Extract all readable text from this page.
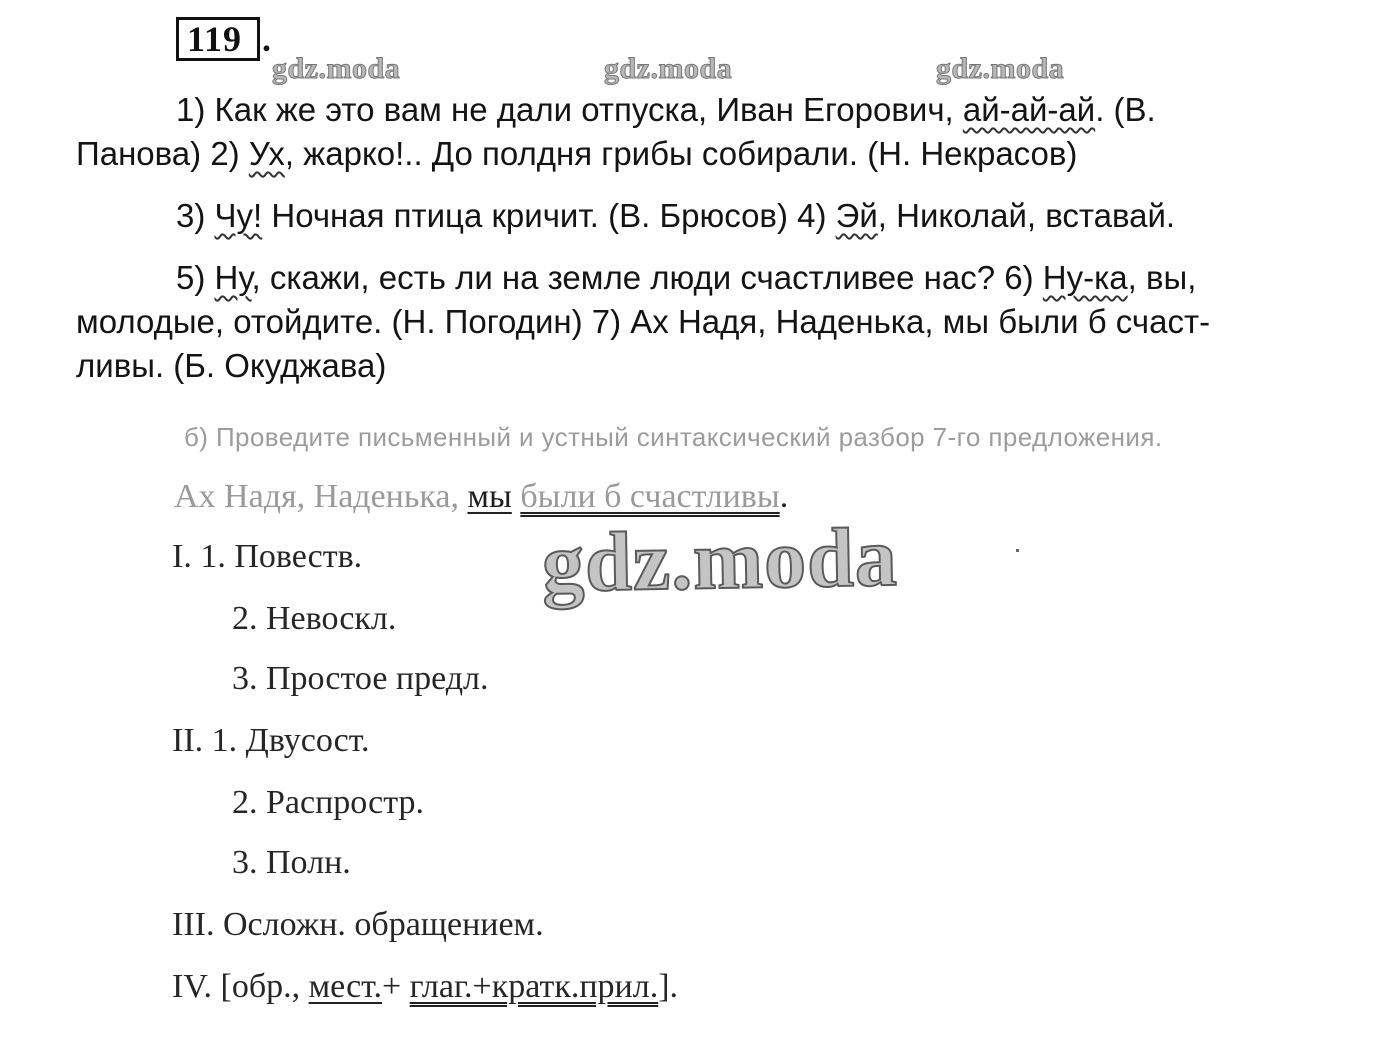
119 .
gdz.moda	gdz.moda	gdz.moda
1) Как же это вам не дали отпуска, Иван Егорович, ай-ай-ай. (В.
Панова) 2) Ух, жарко!.. До полдня грибы собирали. (Н. Некрасов)
3) Чу! Ночная птица кричит. (В. Брюсов) 4) Эй, Николай, вставай.
5) Ну, скажи, есть ли на земле люди счастливее нас? 6) Ну-ка, вы,
молодые, отойдите. (Н. Погодин) 7) Ах Надя, Наденька, мы были б счаст-
ливы. (Б. Окуджава)
б) Проведите письменный и устный синтаксический разбор 7-го предложения.
Ах Надя, Наденька, мы были б счастливы.
I. 1. Повеств.
2. Невоскл.
3. Простое предл.
II. 1. Двусост.
2. Распростр.
3. Полн.
III. Осложн. обращением.
IV. [обр., мест.+ глаг.+кратк.прил.].
gdz.moda
